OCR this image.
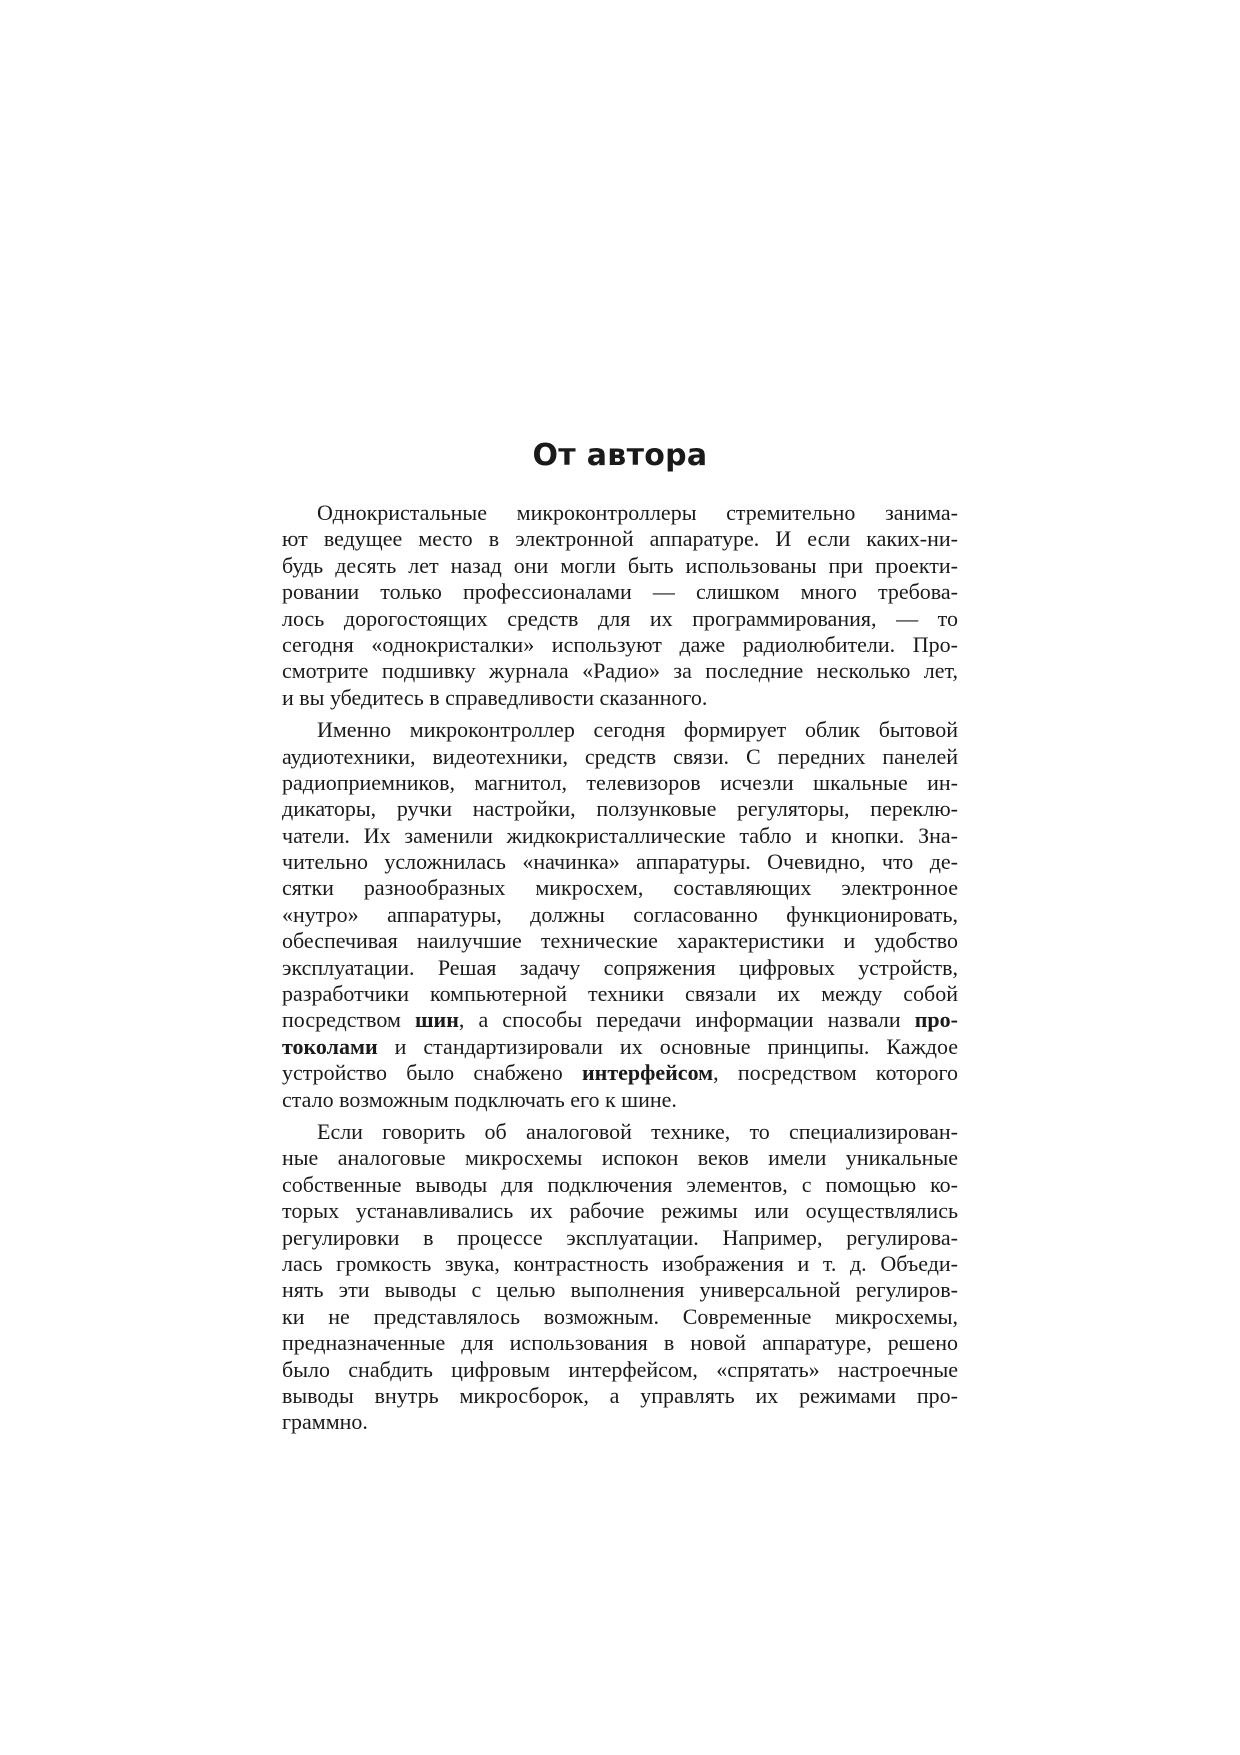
От автора
Однокристальные микроконтроллеры стремительно занима-
ют ведущее место в электронной аппаратуре. И если каких-ни-
будь десять лет назад они могли быть использованы при проекти-
ровании только профессионалами — слишком много требова-
лось дорогостоящих средств для их программирования, — то
сегодня «однокристалки» используют даже радиолюбители. Про-
смотрите подшивку журнала «Радио» за последние несколько лет,
и вы убедитесь в справедливости сказанного.
Именно микроконтроллер сегодня формирует облик бытовой
аудиотехники, видеотехники, средств связи. С передних панелей
радиоприемников, магнитол, телевизоров исчезли шкальные ин-
дикаторы, ручки настройки, ползунковые регуляторы, переклю-
чатели. Их заменили жидкокристаллические табло и кнопки. Зна-
чительно усложнилась «начинка» аппаратуры. Очевидно, что де-
сятки разнообразных микросхем, составляющих электронное
«нутро» аппаратуры, должны согласованно функционировать,
обеспечивая наилучшие технические характеристики и удобство
эксплуатации. Решая задачу сопряжения цифровых устройств,
разработчики компьютерной техники связали их между собой
посредством шин, а способы передачи информации назвали про-
токолами и стандартизировали их основные принципы. Каждое
устройство было снабжено интерфейсом, посредством которого
стало возможным подключать его к шине.
Если говорить об аналоговой технике, то специализирован-
ные аналоговые микросхемы испокон веков имели уникальные
собственные выводы для подключения элементов, с помощью ко-
торых устанавливались их рабочие режимы или осуществлялись
регулировки в процессе эксплуатации. Например, регулирова-
лась громкость звука, контрастность изображения и т. д. Объеди-
нять эти выводы с целью выполнения универсальной регулиров-
ки не представлялось возможным. Современные микросхемы,
предназначенные для использования в новой аппаратуре, решено
было снабдить цифровым интерфейсом, «спрятать» настроечные
выводы внутрь микросборок, а управлять их режимами про-
граммно.
